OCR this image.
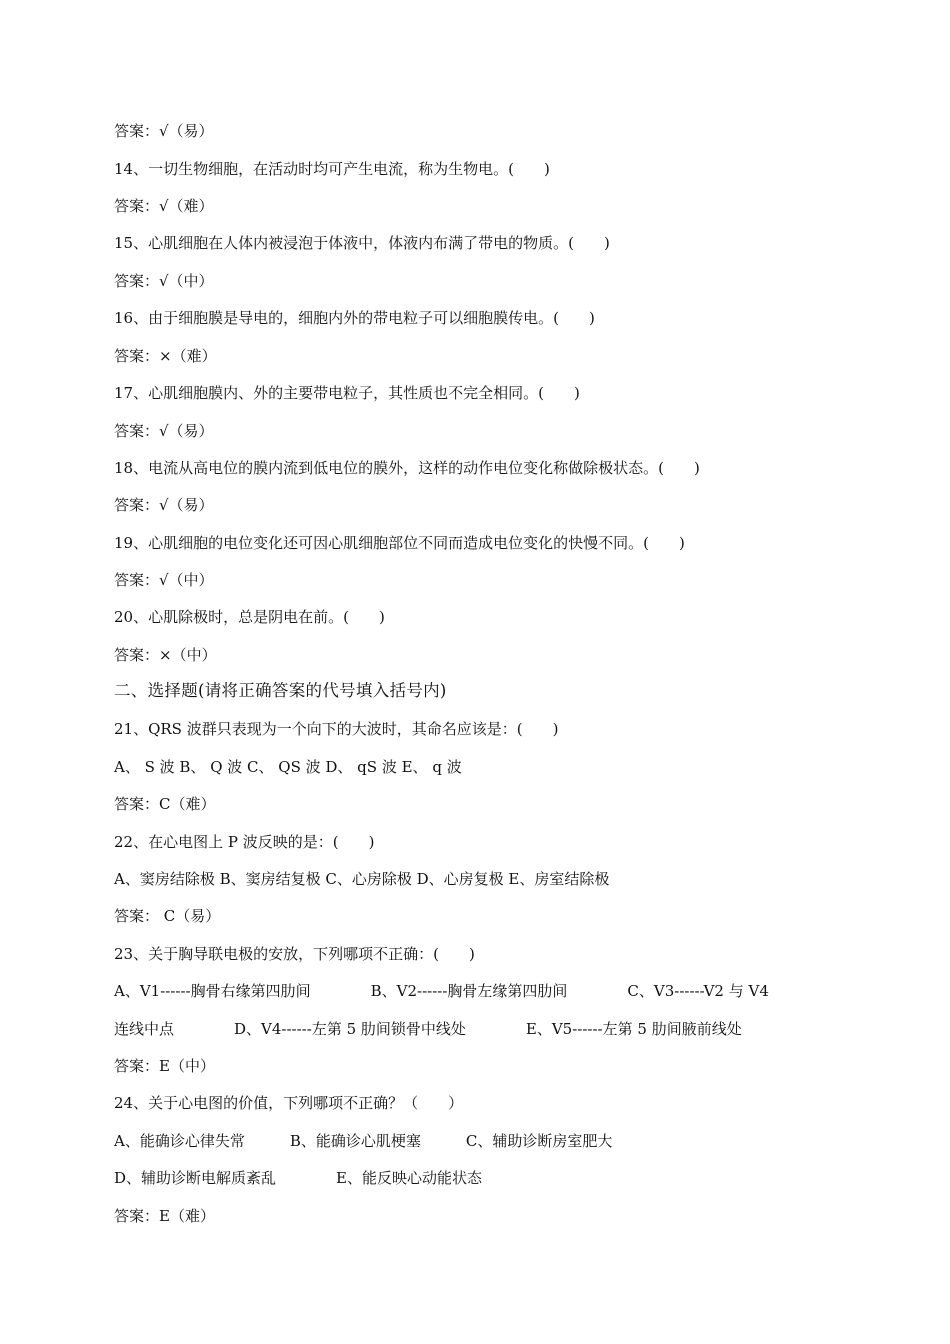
答案：√（易）
14、一切生物细胞，在活动时均可产生电流，称为生物电。(　　)
答案：√（难）
15、心肌细胞在人体内被浸泡于体液中，体液内布满了带电的物质。(　　)
答案：√（中）
16、由于细胞膜是导电的，细胞内外的带电粒子可以细胞膜传电。(　　)
答案：×（难）
17、心肌细胞膜内、外的主要带电粒子，其性质也不完全相同。(　　)
答案：√（易）
18、电流从高电位的膜内流到低电位的膜外，这样的动作电位变化称做除极状态。(　　)
答案：√（易）
19、心肌细胞的电位变化还可因心肌细胞部位不同而造成电位变化的快慢不同。(　　)
答案：√（中）
20、心肌除极时，总是阴电在前。(　　)
答案：×（中）
二、选择题(请将正确答案的代号填入括号内)
21、QRS 波群只表现为一个向下的大波时，其命名应该是：(　　)
A、 S 波 B、 Q 波 C、 QS 波 D、 qS 波 E、 q 波
答案：C（难）
22、在心电图上 P 波反映的是：(　　)
A、窦房结除极 B、窦房结复极 C、心房除极 D、心房复极 E、房室结除极
答案： C（易）
23、关于胸导联电极的安放，下列哪项不正确：(　　)
A、V1------胸骨右缘第四肋间　　　　B、V2------胸骨左缘第四肋间　　　　C、V3------V2 与 V4
连线中点　　　　D、V4------左第 5 肋间锁骨中线处　　　　E、V5------左第 5 肋间腋前线处
答案：E（中）
24、关于心电图的价值，下列哪项不正确？（　　）
A、能确诊心律失常　　　B、能确诊心肌梗塞　　　C、辅助诊断房室肥大
D、辅助诊断电解质紊乱　　　　E、能反映心动能状态
答案：E（难）
